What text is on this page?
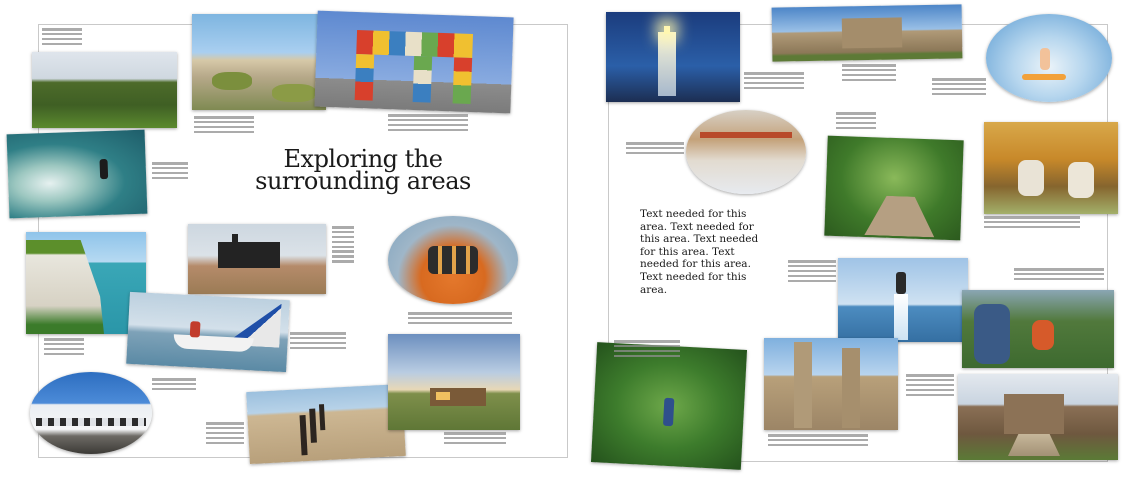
Exploring the
surrounding areas
Text needed for this area. Text needed for this area. Text needed for this area. Text needed for this area. Text needed for this area.
